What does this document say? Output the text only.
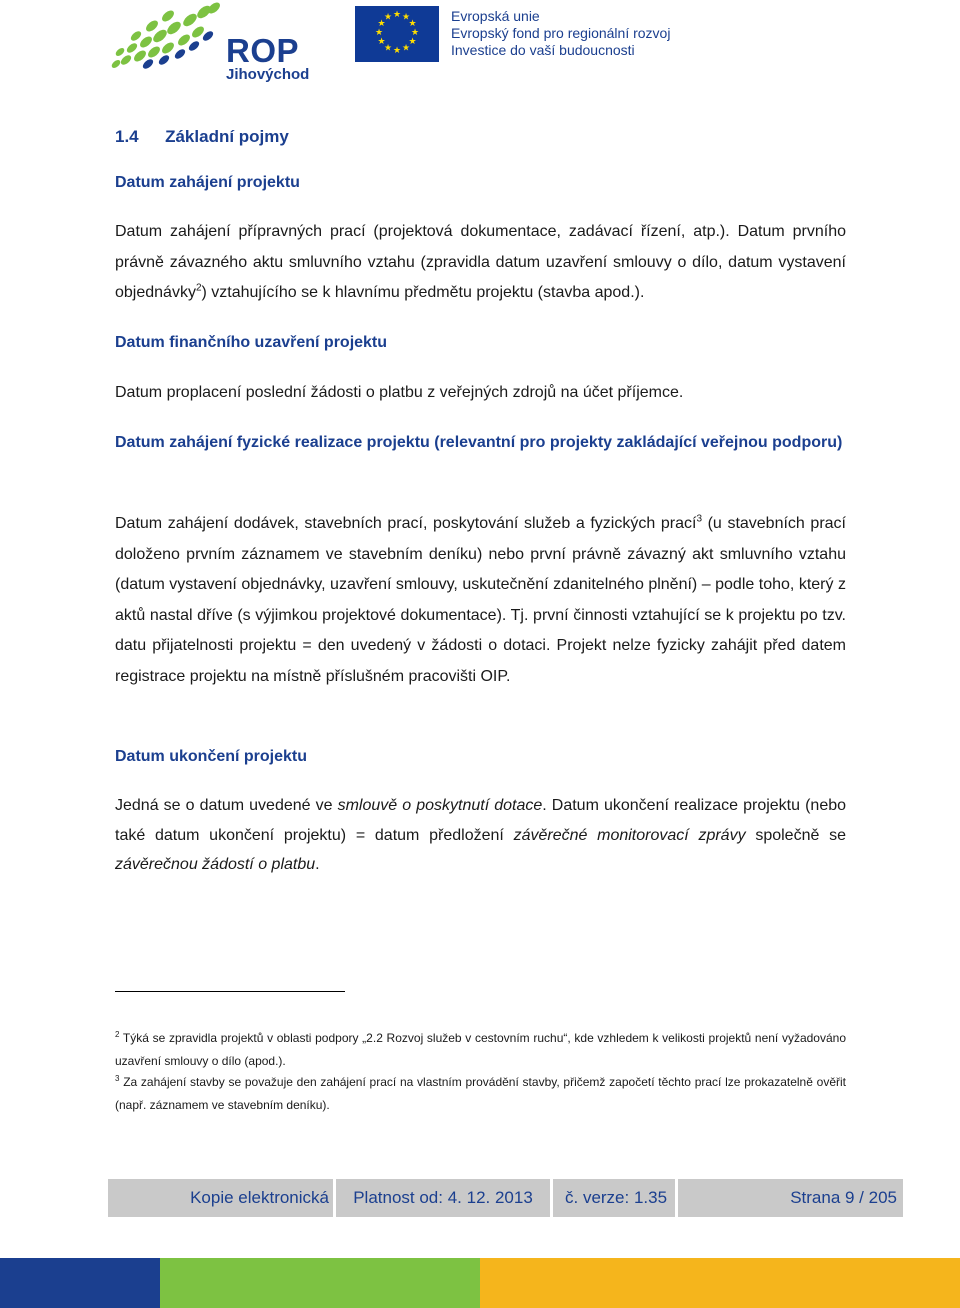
ROP
Jihovýchod
★ ★
★
★
★
★
★
★
★
★
★
★	Evropská unie
Evropský fond pro regionální rozvoj
Investice do vaší budoucnosti
1.4 Základní pojmy
Datum zahájení projektu
Datum zahájení přípravných prací (projektová dokumentace, zadávací řízení, atp.). Datum prvního právně závazného aktu smluvního vztahu (zpravidla datum uzavření smlouvy o dílo, datum vystavení objednávky$^2$) vztahujícího se k hlavnímu předmětu projektu (stavba apod.).
Datum finančního uzavření projektu
Datum proplacení poslední žádosti o platbu z veřejných zdrojů na účet příjemce.
Datum zahájení fyzické realizace projektu (relevantní pro projekty zakládající veřejnou podporu)
Datum zahájení dodávek, stavebních prací, poskytování služeb a fyzických prací$^3$ (u stavebních prací doloženo prvním záznamem ve stavebním deníku) nebo první právně závazný akt smluvního vztahu (datum vystavení objednávky, uzavření smlouvy, uskutečnění zdanitelného plnění) – podle toho, který z aktů nastal dříve (s výjimkou projektové dokumentace). Tj. první činnosti vztahující se k projektu po tzv. datu přijatelnosti projektu = den uvedený v žádosti o dotaci. Projekt nelze fyzicky zahájit před datem registrace projektu na místně příslušném pracovišti OIP.
Datum ukončení projektu
Jedná se o datum uvedené ve smlouvě o poskytnutí dotace. Datum ukončení realizace projektu (nebo také datum ukončení projektu) = datum předložení závěrečné monitorovací zprávy společně se závěrečnou žádostí o platbu.
$^2$ Týká se zpravidla projektů v oblasti podpory „2.2 Rozvoj služeb v cestovním ruchu“, kde vzhledem k velikosti projektů není vyžadováno uzavření smlouvy o dílo (apod.).
$^3$ Za zahájení stavby se považuje den zahájení prací na vlastním provádění stavby, přičemž započetí těchto prací lze prokazatelně ověřit (např. záznamem ve stavebním deníku).
Kopie elektronická	Platnost od: 4. 12. 2013	č. verze: 1.35	Strana 9 / 205
